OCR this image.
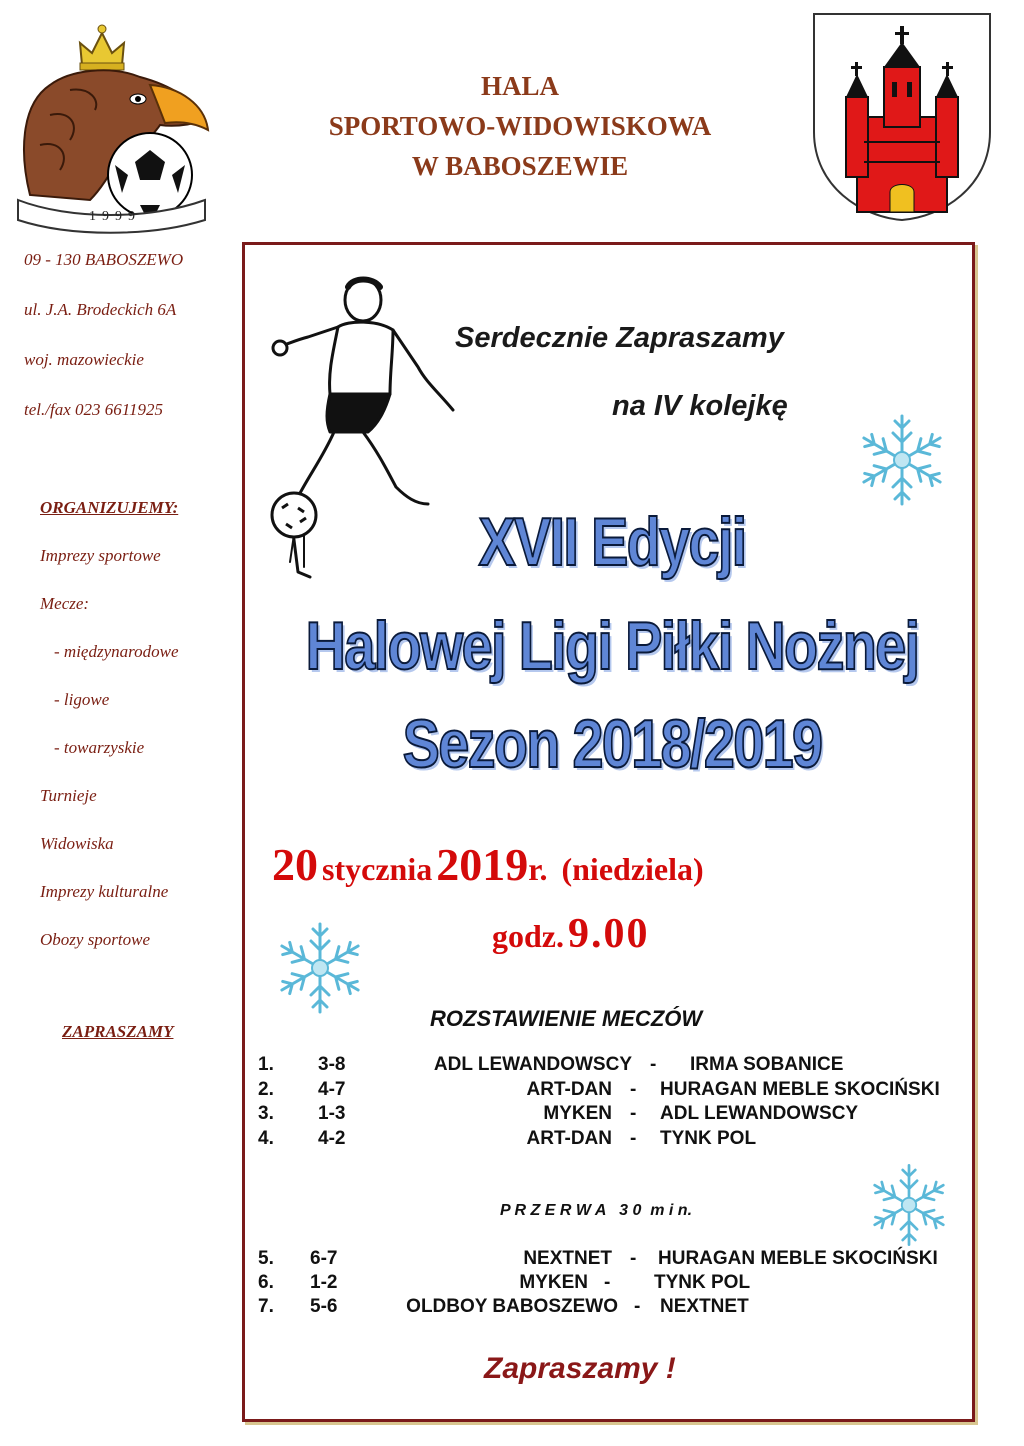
1999
HALA
SPORTOWO-WIDOWISKOWA
W BABOSZEWIE
09 - 130 BABOSZEWO
ul. J.A. Brodeckich 6A
woj. mazowieckie
tel./fax 023 6611925
ORGANIZUJEMY:
Imprezy sportowe
Mecze:
- międzynarodowe
- ligowe
- towarzyskie
Turnieje
Widowiska
Imprezy kulturalne
Obozy sportowe
ZAPRASZAMY
Serdecznie Zapraszamy
na IV kolejkę
XVII Edycji
Halowej Ligi Piłki Nożnej
Sezon 2018/2019
20 stycznia 2019r. (niedziela)
godz. 9.00
ROZSTAWIENIE MECZÓW
1. 3-8	ADL LEWANDOWSCY - IRMA SOBANICE
2. 4-7	ART-DAN - HURAGAN MEBLE SKOCIŃSKI
3. 1-3	MYKEN - ADL LEWANDOWSCY
4. 4-2	ART-DAN - TYNK POL
P R Z E R W A   3 0  m i n.
5. 6-7	NEXTNET - HURAGAN MEBLE SKOCIŃSKI
6. 1-2	MYKEN - TYNK POL
7. 5-6	OLDBOY BABOSZEWO - NEXTNET
Zapraszamy !
